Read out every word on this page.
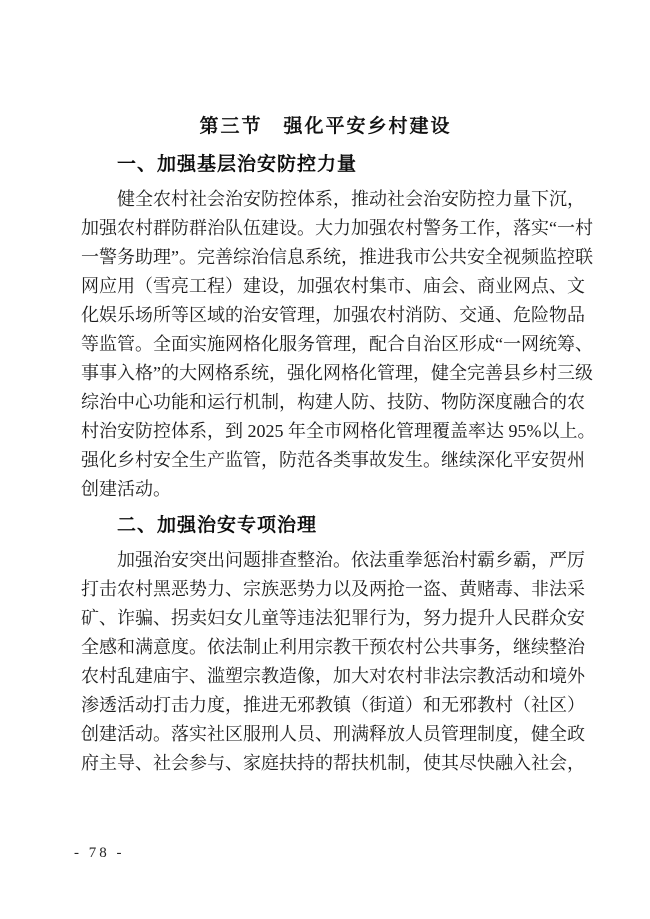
第三节　强化平安乡村建设
一、加强基层治安防控力量
健全农村社会治安防控体系，推动社会治安防控力量下沉，
加强农村群防群治队伍建设。大力加强农村警务工作，落实“一村
一警务助理”。完善综治信息系统，推进我市公共安全视频监控联
网应用（雪亮工程）建设，加强农村集市、庙会、商业网点、文
化娱乐场所等区域的治安管理，加强农村消防、交通、危险物品
等监管。全面实施网格化服务管理，配合自治区形成“一网统筹、
事事入格”的大网格系统，强化网格化管理，健全完善县乡村三级
综治中心功能和运行机制，构建人防、技防、物防深度融合的农
村治安防控体系，到 2025 年全市网格化管理覆盖率达 95%以上。
强化乡村安全生产监管，防范各类事故发生。继续深化平安贺州
创建活动。
二、加强治安专项治理
加强治安突出问题排查整治。依法重拳惩治村霸乡霸，严厉
打击农村黑恶势力、宗族恶势力以及两抢一盗、黄赌毒、非法采
矿、诈骗、拐卖妇女儿童等违法犯罪行为，努力提升人民群众安
全感和满意度。依法制止利用宗教干预农村公共事务，继续整治
农村乱建庙宇、滥塑宗教造像，加大对农村非法宗教活动和境外
渗透活动打击力度，推进无邪教镇（街道）和无邪教村（社区）
创建活动。落实社区服刑人员、刑满释放人员管理制度，健全政
府主导、社会参与、家庭扶持的帮扶机制，使其尽快融入社会，
- 78 -
